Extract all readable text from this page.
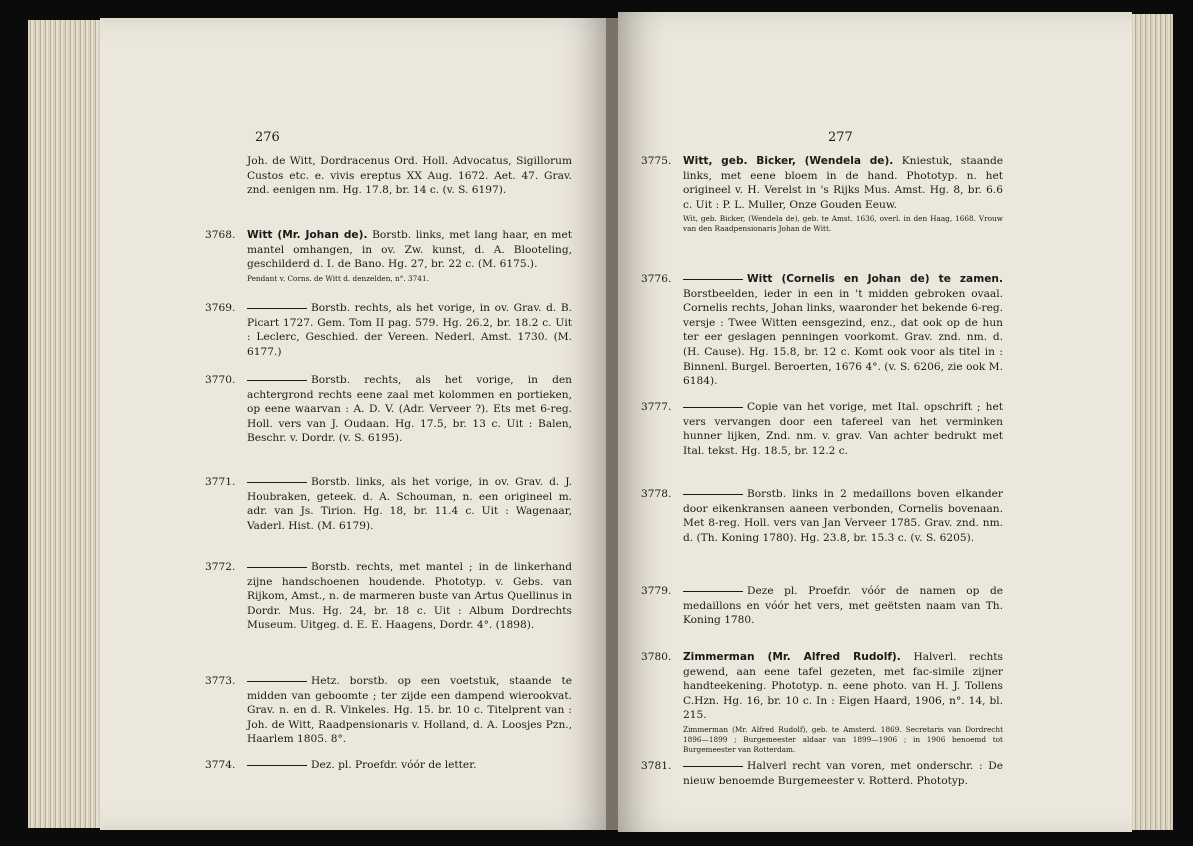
276
Joh. de Witt, Dordracenus Ord. Holl. Advocatus, Sigillorum Custos etc. e. vivis ereptus XX Aug. 1672. Aet. 47. Grav. znd. eenigen nm. Hg. 17.8, br. 14 c. (v. S. 6197).
3768. Witt (Mr. Johan de). Borstb. links, met lang haar, en met mantel omhangen, in ov. Zw. kunst, d. A. Blooteling, geschilderd d. I. de Bano. Hg. 27, br. 22 c. (M. 6175.).
Pendant v. Corns. de Witt d. denzelden, n°. 3741.
3769.	Borstb. rechts, als het vorige, in ov. Grav. d. B. Picart 1727. Gem. Tom II pag. 579. Hg. 26.2, br. 18.2 c. Uit : Leclerc, Geschied. der Vereen. Nederl. Amst. 1730. (M. 6177.)
3770.	Borstb. rechts, als het vorige, in den achtergrond rechts eene zaal met kolommen en portieken, op eene waarvan : A. D. V. (Adr. Verveer ?). Ets met 6-reg. Holl. vers van J. Oudaan. Hg. 17.5, br. 13 c. Uit : Balen, Beschr. v. Dordr. (v. S. 6195).
3771.	Borstb. links, als het vorige, in ov. Grav. d. J. Houbraken, geteek. d. A. Schouman, n. een origineel m. adr. van Js. Tirion. Hg. 18, br. 11.4 c. Uit : Wagenaar, Vaderl. Hist. (M. 6179).
3772.	Borstb. rechts, met mantel ; in de linkerhand zijne handschoenen houdende. Phototyp. v. Gebs. van Rijkom, Amst., n. de marmeren buste van Artus Quellinus in Dordr. Mus. Hg. 24, br. 18 c. Uit : Album Dordrechts Museum. Uitgeg. d. E. E. Haagens, Dordr. 4°. (1898).
3773.	Hetz. borstb. op een voetstuk, staande te midden van geboomte ; ter zijde een dampend wierookvat. Grav. n. en d. R. Vinkeles. Hg. 15. br. 10 c. Titelprent van : Joh. de Witt, Raadpensionaris v. Holland, d. A. Loosjes Pzn., Haarlem 1805. 8°.
3774.	Dez. pl. Proefdr. vóór de letter.
277
3775. Witt, geb. Bicker, (Wendela de). Kniestuk, staande links, met eene bloem in de hand. Phototyp. n. het origineel v. H. Verelst in 's Rijks Mus. Amst. Hg. 8, br. 6.6 c. Uit : P. L. Muller, Onze Gouden Eeuw.
Wit, geb. Bicker, (Wendela de), geb. te Amst. 1636, overl. in den Haag, 1668. Vrouw van den Raadpensionaris Johan de Witt.
3776.	Witt (Cornelis en Johan de) te zamen. Borstbeelden, ieder in een in 't midden gebroken ovaal. Cornelis rechts, Johan links, waaronder het bekende 6-reg. versje : Twee Witten eensgezind, enz., dat ook op de hun ter eer geslagen penningen voorkomt. Grav. znd. nm. d. (H. Cause). Hg. 15.8, br. 12 c. Komt ook voor als titel in : Binnenl. Burgel. Beroerten, 1676 4°. (v. S. 6206, zie ook M. 6184).
3777.	Copie van het vorige, met Ital. opschrift ; het vers vervangen door een tafereel van het verminken hunner lijken, Znd. nm. v. grav. Van achter bedrukt met Ital. tekst. Hg. 18.5, br. 12.2 c.
3778.	Borstb. links in 2 medaillons boven elkander door eikenkransen aaneen verbonden, Cornelis bovenaan. Met 8-reg. Holl. vers van Jan Verveer 1785. Grav. znd. nm. d. (Th. Koning 1780). Hg. 23.8, br. 15.3 c. (v. S. 6205).
3779.	Deze pl. Proefdr. vóór de namen op de medaillons en vóór het vers, met geëtsten naam van Th. Koning 1780.
3780. Zimmerman (Mr. Alfred Rudolf). Halverl. rechts gewend, aan eene tafel gezeten, met fac-simile zijner handteekening. Phototyp. n. eene photo. van H. J. Tollens C.Hzn. Hg. 16, br. 10 c. In : Eigen Haard, 1906, n°. 14, bl. 215.
Zimmerman (Mr. Alfred Rudolf), geb. te Amsterd. 1869. Secretaris van Dordrecht 1896—1899 ; Burgemeester aldaar van 1899—1906 ; in 1906 benoemd tot Burgemeester van Rotterdam.
3781.	Halverl recht van voren, met onderschr. : De nieuw benoemde Burgemeester v. Rotterd. Phototyp.
